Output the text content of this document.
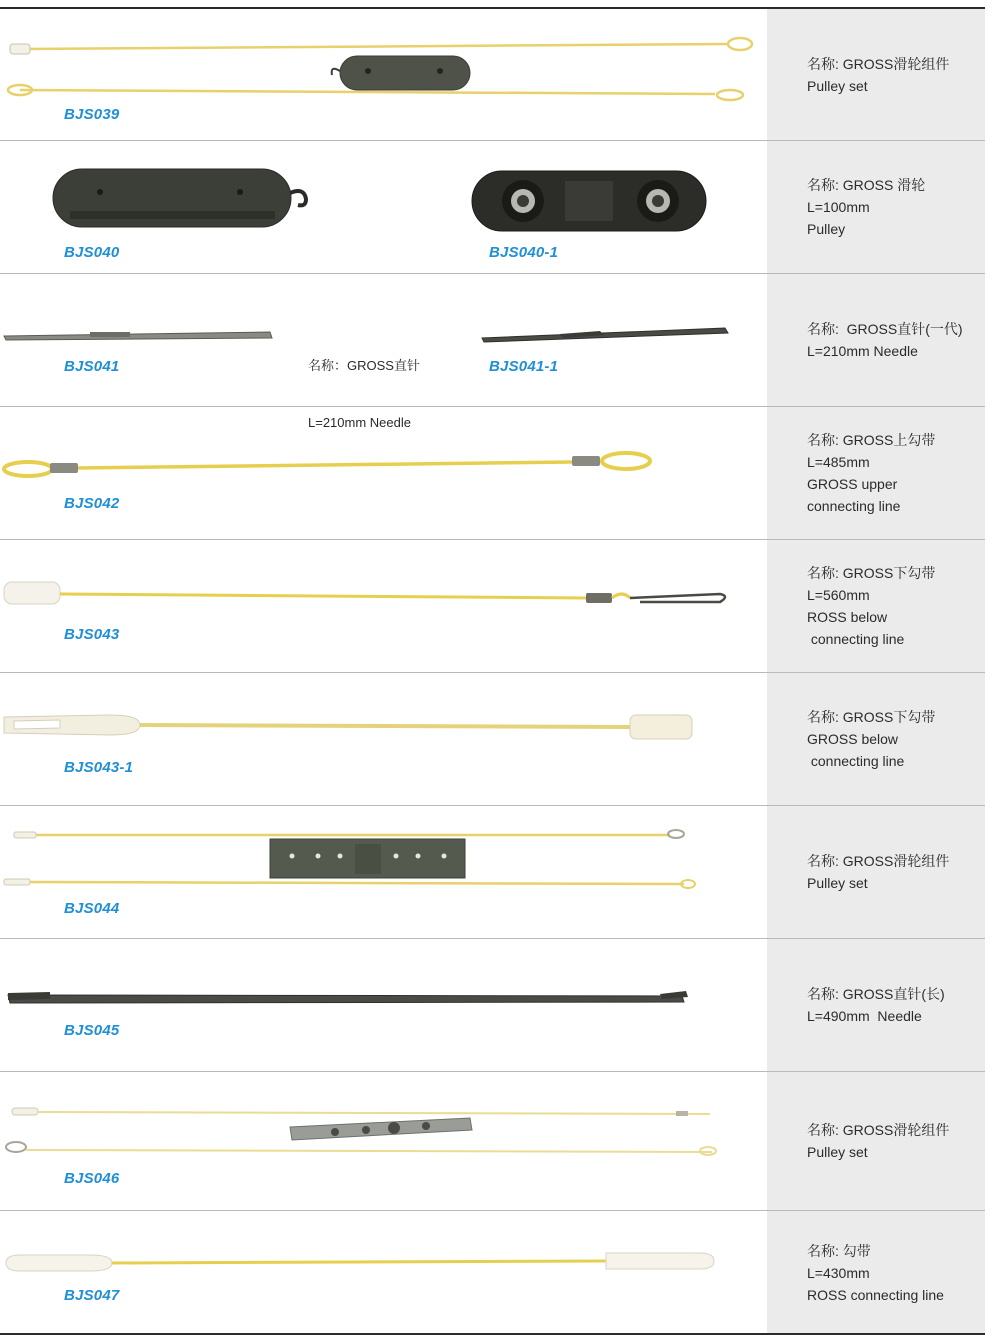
BJS039
名称: GROSS滑轮组件
Pulley set
BJS040	BJS040-1
名称: GROSS 滑轮
L=100mm
Pulley

名称：GROSS直针

L=210mm Needle

BJS041	BJS041-1
名称:  GROSS直针(一代)
L=210mm Needle
BJS042
名称: GROSS上勾带
L=485mm
GROSS upper
connecting line
BJS043
名称: GROSS下勾带
L=560mm
ROSS below
connecting line
BJS043-1
名称: GROSS下勾带
GROSS below
connecting line
BJS044
名称: GROSS滑轮组件
Pulley set
BJS045
名称: GROSS直针(长)
L=490mm  Needle
BJS046
名称: GROSS滑轮组件
Pulley set
BJS047
名称: 勾带
L=430mm
ROSS connecting line
